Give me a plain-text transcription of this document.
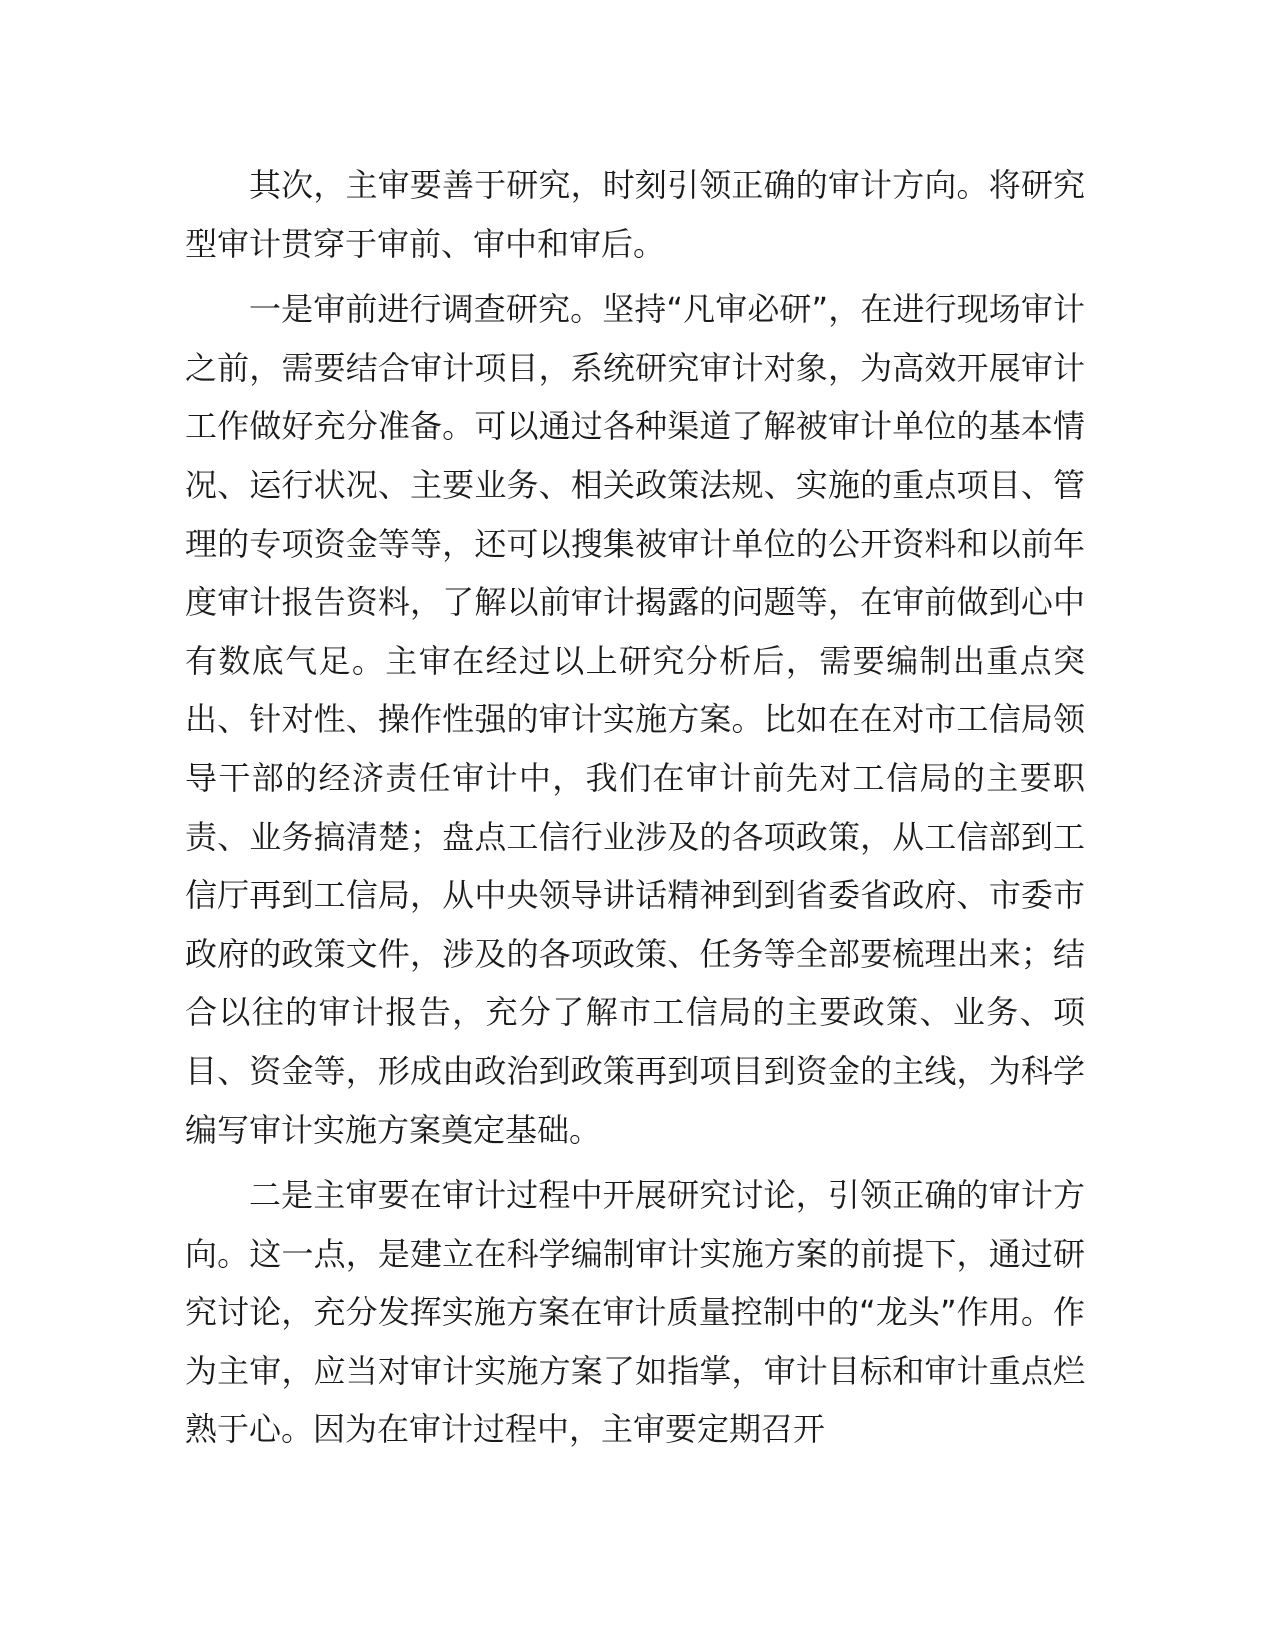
其次，主审要善于研究，时刻引领正确的审计方向。将研究型审计贯穿于审前、审中和审后。

一是审前进行调查研究。坚持“凡审必研”，在进行现场审计之前，需要结合审计项目，系统研究审计对象，为高效开展审计工作做好充分准备。可以通过各种渠道了解被审计单位的基本情况、运行状况、主要业务、相关政策法规、实施的重点项目、管理的专项资金等等，还可以搜集被审计单位的公开资料和以前年度审计报告资料，了解以前审计揭露的问题等，在审前做到心中有数底气足。主审在经过以上研究分析后，需要编制出重点突出、针对性、操作性强的审计实施方案。比如在在对市工信局领导干部的经济责任审计中，我们在审计前先对工信局的主要职责、业务搞清楚；盘点工信行业涉及的各项政策，从工信部到工信厅再到工信局，从中央领导讲话精神到到省委省政府、市委市政府的政策文件，涉及的各项政策、任务等全部要梳理出来；结合以往的审计报告，充分了解市工信局的主要政策、业务、项目、资金等，形成由政治到政策再到项目到资金的主线，为科学编写审计实施方案奠定基础。

二是主审要在审计过程中开展研究讨论，引领正确的审计方向。这一点，是建立在科学编制审计实施方案的前提下，通过研究讨论，充分发挥实施方案在审计质量控制中的“龙头”作用。作为主审，应当对审计实施方案了如指掌，审计目标和审计重点烂熟于心。因为在审计过程中，主审要定期召开
